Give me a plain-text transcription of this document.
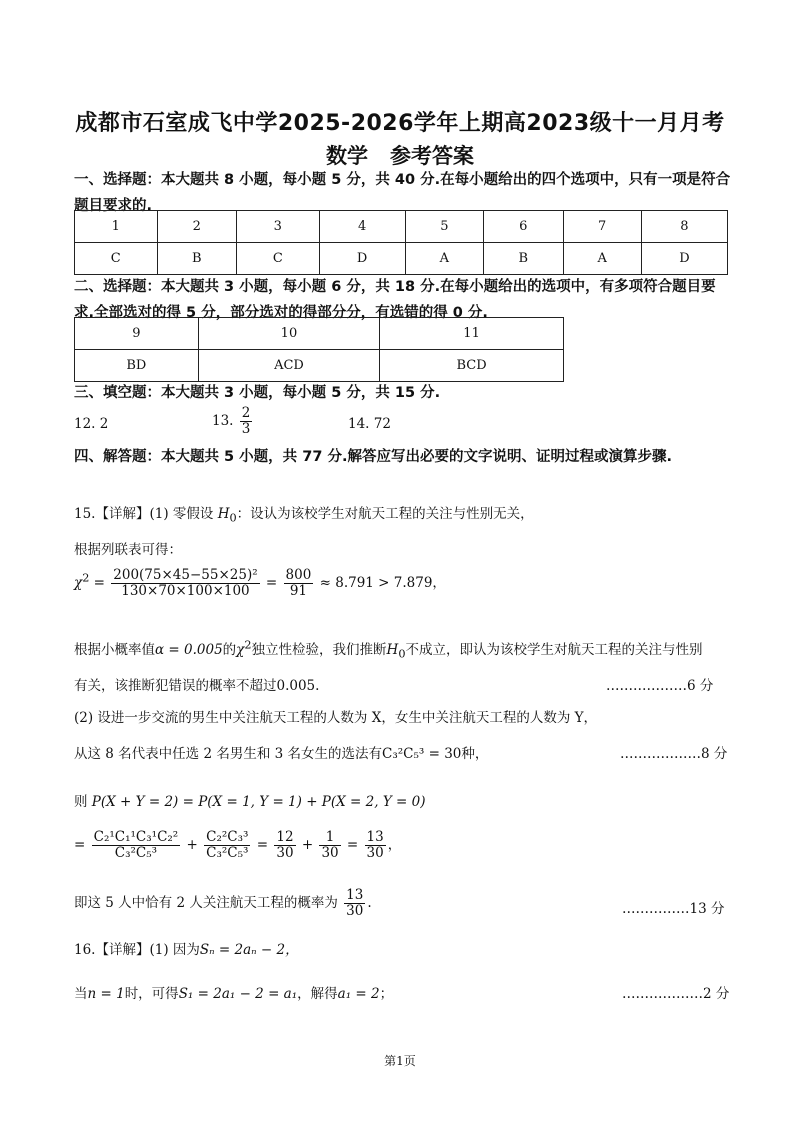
成都市石室成飞中学2025-2026学年上期高2023级十一月月考
数学 参考答案
一、选择题：本大题共 8 小题，每小题 5 分，共 40 分.在每小题给出的四个选项中，只有一项是符合题目要求的.
1	2	3	4	5	6	7	8
C	B	C	D	A	B	A	D
二、选择题：本大题共 3 小题，每小题 6 分，共 18 分.在每小题给出的选项中，有多项符合题目要求.全部选对的得 5 分，部分选对的得部分分，有选错的得 0 分.
9	10	11
BD	ACD	BCD
三、填空题：本大题共 3 小题，每小题 5 分，共 15 分.
12. 2	13. $\frac{2}{3}$	14. 72
四、解答题：本大题共 5 小题，共 77 分.解答应写出必要的文字说明、证明过程或演算步骤.
15.【详解】(1) 零假设 $H_0$：设认为该校学生对航天工程的关注与性别无关，
根据列联表可得：
$\chi^2 = \frac{\text{200(75×45−55×25)²}}{130\times 70\times 100\times 100} = \frac{800}{91} \approx 8.791 > 7.879$，
根据小概率值α = 0.005的$\chi^2$独立性检验，我们推断$H_0$不成立，即认为该校学生对航天工程的关注与性别
有关，该推断犯错误的概率不超过0.005.	………………6 分
(2) 设进一步交流的男生中关注航天工程的人数为 X，女生中关注航天工程的人数为 Y，
从这 8 名代表中任选 2 名男生和 3 名女生的选法有C₃²C₅³ = 30种，	………………8 分
则 P(X + Y = 2) = P(X = 1, Y = 1) + P(X = 2, Y = 0)
= $\frac{\text{C₂¹C₁¹C₃¹C₂²}}{\text{C₃²C₅³}} + \frac{\text{C₂²C₃³}}{\text{C₃²C₅³}} = \frac{12}{30} + \frac{1}{30} = \frac{13}{30}$ ，
即这 5 人中恰有 2 人关注航天工程的概率为 $\frac{13}{30}$ .	……………13 分
16.【详解】(1) 因为Sₙ = 2aₙ − 2，
当n = 1时，可得S₁ = 2a₁ − 2 = a₁，解得a₁ = 2；	………………2 分
第1页
